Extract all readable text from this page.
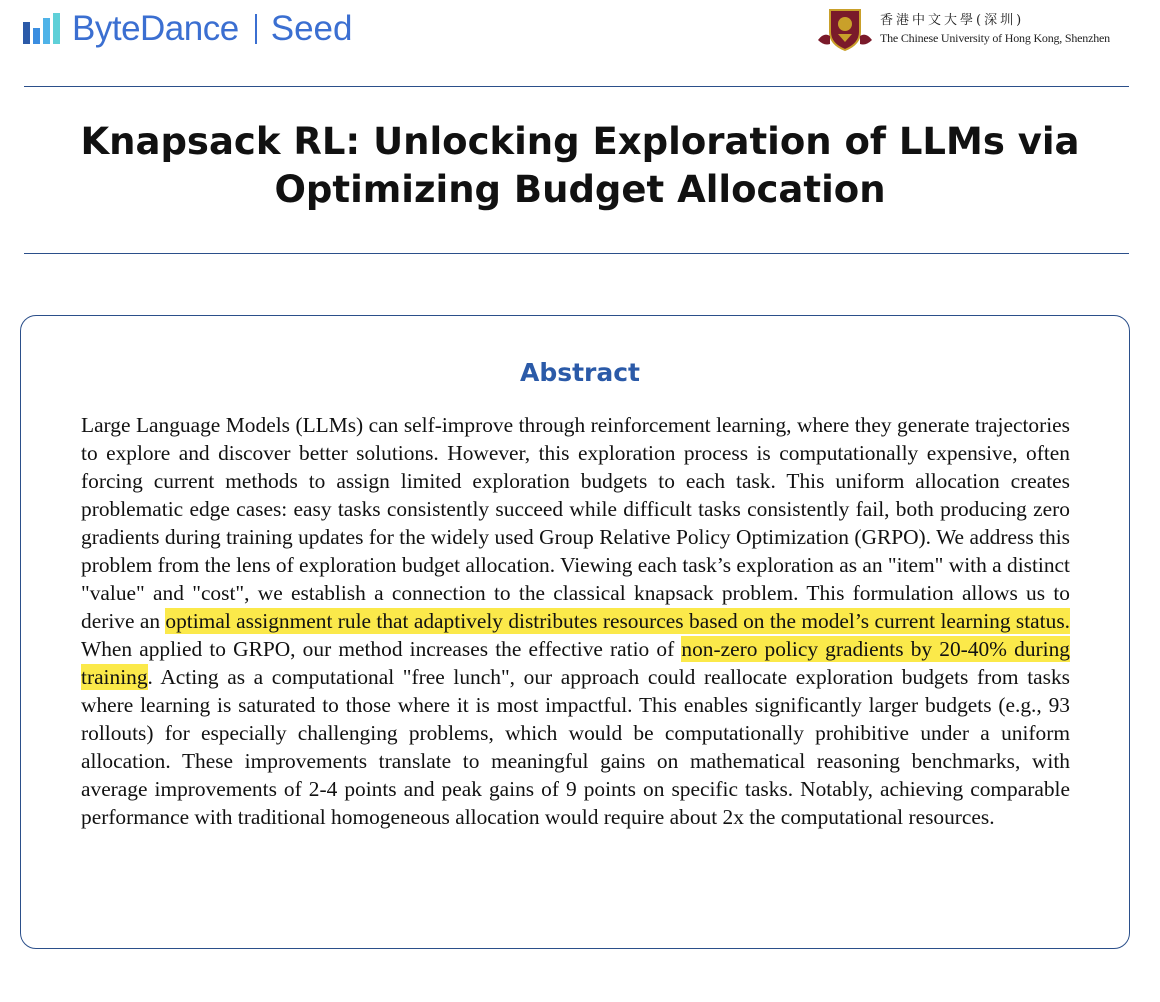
ByteDance Seed	香港中文大學(深圳)
The Chinese University of Hong Kong, Shenzhen
Knapsack RL: Unlocking Exploration of LLMs via Optimizing Budget Allocation
Abstract

Large Language Models (LLMs) can self-improve through reinforcement learning, where they generate trajectories to explore and discover better solutions. However, this exploration process is computationally expensive, often forcing current methods to assign limited exploration budgets to each task. This uniform allocation creates problematic edge cases: easy tasks consistently succeed while difficult tasks consistently fail, both producing zero gradients during training updates for the widely used Group Relative Policy Optimization (GRPO). We address this problem from the lens of exploration budget allocation. Viewing each task’s exploration as an "item" with a distinct "value" and "cost", we establish a connection to the classical knapsack problem. This formulation allows us to derive an optimal assignment rule that adaptively distributes resources based on the model’s current learning status. When applied to GRPO, our method increases the effective ratio of non-zero policy gradients by 20-40% during training. Acting as a computational "free lunch", our approach could reallocate exploration budgets from tasks where learning is saturated to those where it is most impactful. This enables significantly larger budgets (e.g., 93 rollouts) for especially challenging problems, which would be computationally prohibitive under a uniform allocation. These improvements translate to meaningful gains on mathematical reasoning benchmarks, with average improvements of 2-4 points and peak gains of 9 points on specific tasks. Notably, achieving comparable performance with traditional homogeneous allocation would require about 2x the computational resources.
